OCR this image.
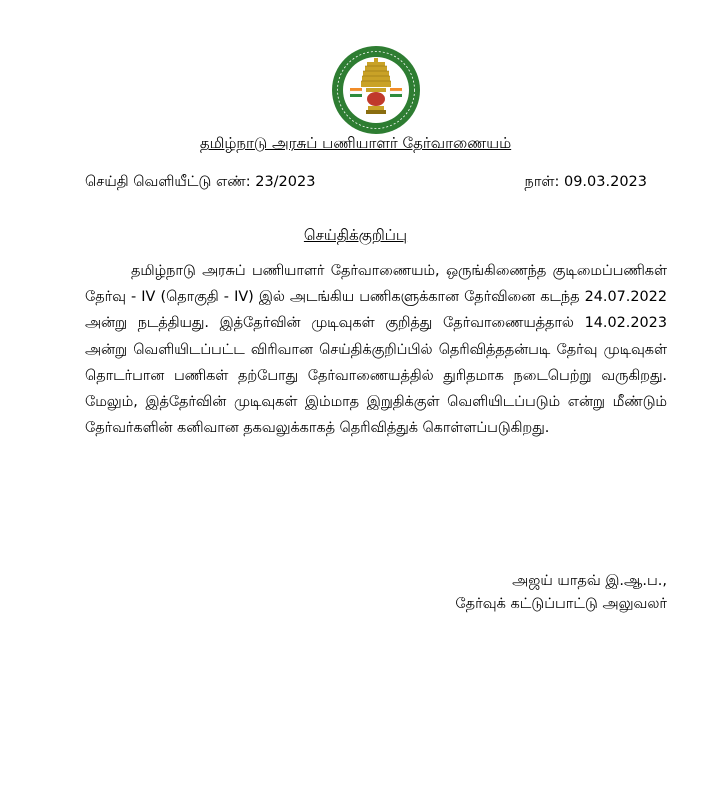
தமிழ்நாடு அரசுப் பணியாளர் தேர்வாணையம்
செய்தி வெளியீட்டு எண்: 23/2023	நாள்: 09.03.2023
செய்திக்குறிப்பு

தமிழ்நாடு அரசுப் பணியாளர் தேர்வாணையம், ஒருங்கிணைந்த குடிமைப்பணிகள் தேர்வு - IV (தொகுதி - IV) இல் அடங்கிய பணிகளுக்கான தேர்வினை கடந்த 24.07.2022 அன்று நடத்தியது. இத்தேர்வின் முடிவுகள் குறித்து தேர்வாணையத்தால் 14.02.2023 அன்று வெளியிடப்பட்ட விரிவான செய்திக்குறிப்பில் தெரிவித்ததன்படி தேர்வு முடிவுகள் தொடர்பான பணிகள் தற்போது தேர்வாணையத்தில் துரிதமாக நடைபெற்று வருகிறது. மேலும், இத்தேர்வின் முடிவுகள் இம்மாத இறுதிக்குள் வெளியிடப்படும் என்று மீண்டும் தேர்வர்களின் கனிவான தகவலுக்காகத் தெரிவித்துக் கொள்ளப்படுகிறது.

அஜய் யாதவ் இ.ஆ.ப.,
தேர்வுக் கட்டுப்பாட்டு அலுவலர்
